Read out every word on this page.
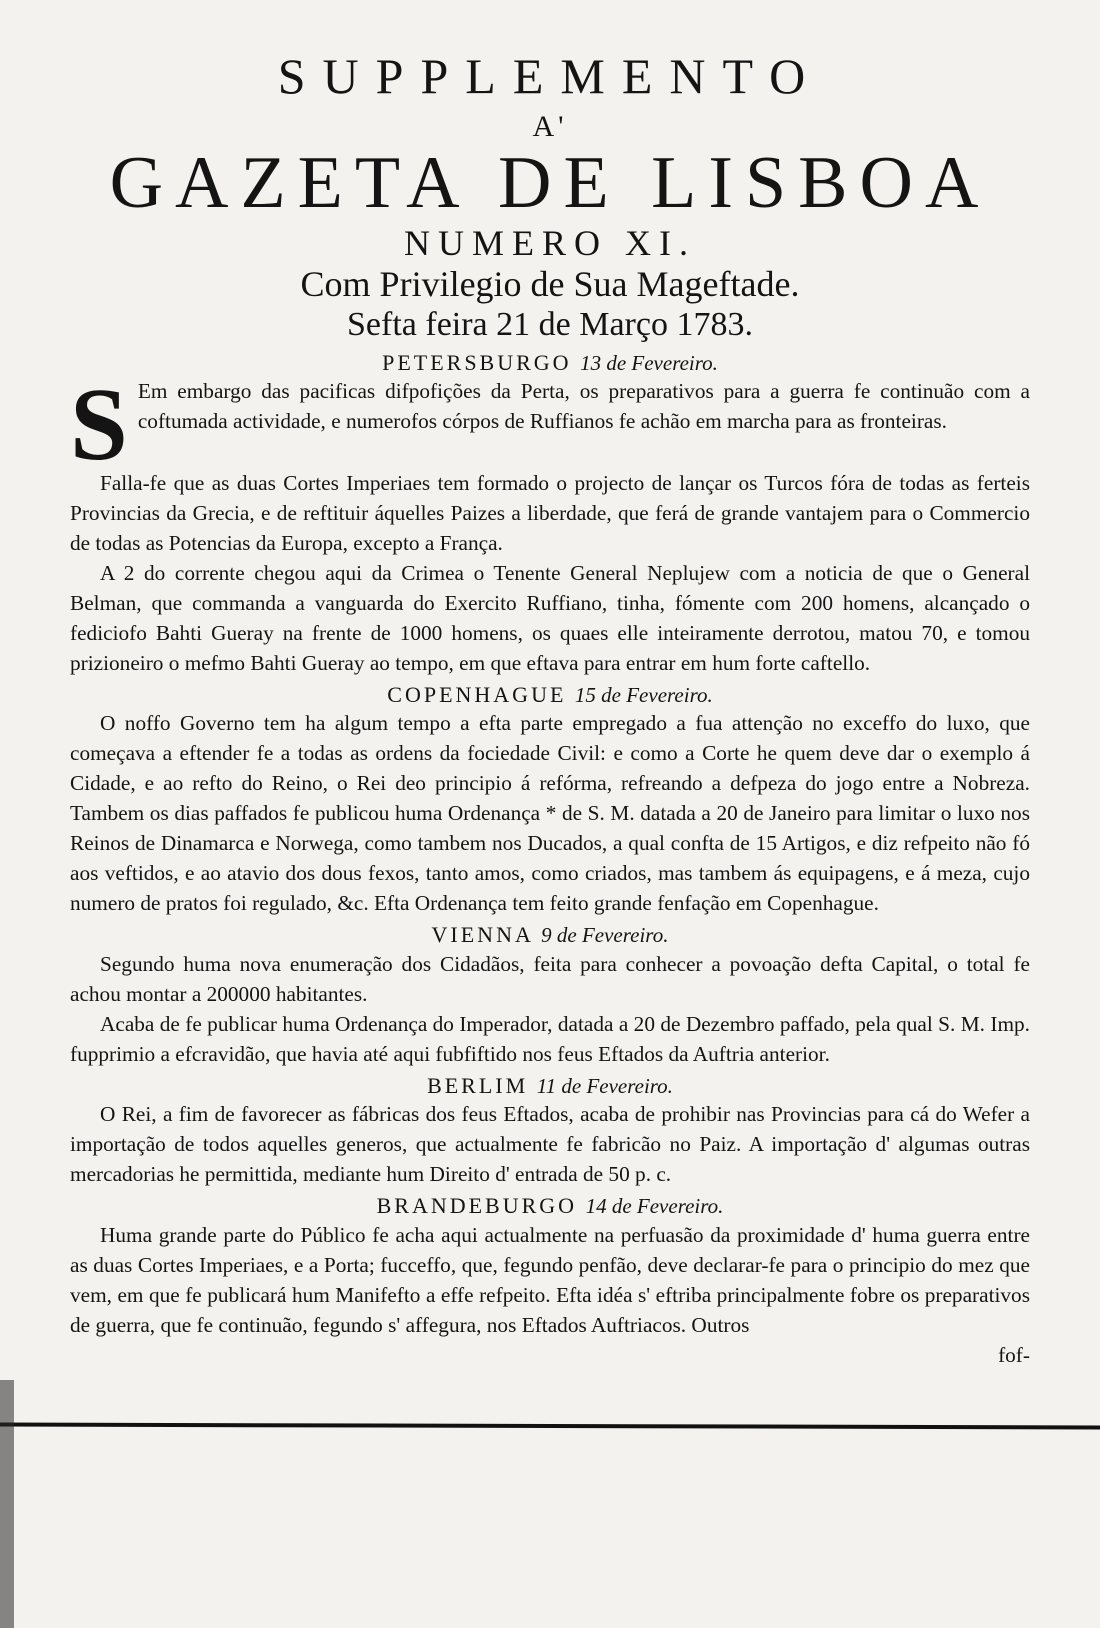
SUPPLEMENTO
A'
GAZETA DE LISBOA
NUMERO XI.
Com Privilegio de Sua Mageftade.
Sefta feira 21 de Março 1783.
PETERSBURGO 13 de Fevereiro.
S Em embargo das pacificas difpofições da Perta, os preparativos para a guerra fe continuão com a coftumada actividade, e numerofos córpos de Ruffianos fe achão em marcha para as fronteiras.

Falla-fe que as duas Cortes Imperiaes tem formado o projecto de lançar os Turcos fóra de todas as ferteis Provincias da Grecia, e de reftituir áquelles Paizes a liberdade, que ferá de grande vantajem para o Commercio de todas as Potencias da Europa, excepto a França.

A 2 do corrente chegou aqui da Crimea o Tenente General Neplujew com a noticia de que o General Belman, que commanda a vanguarda do Exercito Ruffiano, tinha, fómente com 200 homens, alcançado o fediciofo Bahti Gueray na frente de 1000 homens, os quaes elle inteiramente derrotou, matou 70, e tomou prizioneiro o mefmo Bahti Gueray ao tempo, em que eftava para entrar em hum forte caftello.

COPENHAGUE 15 de Fevereiro.

O noffo Governo tem ha algum tempo a efta parte empregado a fua attenção no exceffo do luxo, que começava a eftender fe a todas as ordens da fociedade Civil: e como a Corte he quem deve dar o exemplo á Cidade, e ao refto do Reino, o Rei deo principio á refórma, refreando a defpeza do jogo entre a Nobreza. Tambem os dias paffados fe publicou huma Ordenança * de S. M. datada a 20 de Janeiro para limitar o luxo nos Reinos de Dinamarca e Norwega, como tambem nos Ducados, a qual confta de 15 Artigos, e diz refpeito não fó aos veftidos, e ao atavio dos dous fexos, tanto amos, como criados, mas tambem ás equipagens, e á meza, cujo numero de pratos foi regulado, &c. Efta Ordenança tem feito grande fenfação em Copenhague.

VIENNA 9 de Fevereiro.

Segundo huma nova enumeração dos Cidadãos, feita para conhecer a povoação defta Capital, o total fe achou montar a 200000 habitantes.

Acaba de fe publicar huma Ordenança do Imperador, datada a 20 de Dezembro paffado, pela qual S. M. Imp. fupprimio a efcravidão, que havia até aqui fubfiftido nos feus Eftados da Auftria anterior.

BERLIM 11 de Fevereiro.

O Rei, a fim de favorecer as fábricas dos feus Eftados, acaba de prohibir nas Provincias para cá do Wefer a importação de todos aquelles generos, que actualmente fe fabricão no Paiz. A importação d' algumas outras mercadorias he permittida, mediante hum Direito d' entrada de 50 p. c.

BRANDEBURGO 14 de Fevereiro.

Huma grande parte do Público fe acha aqui actualmente na perfuasão da proximidade d' huma guerra entre as duas Cortes Imperiaes, e a Porta; fucceffo, que, fegundo penfão, deve declarar-fe para o principio do mez que vem, em que fe publicará hum Manifefto a effe refpeito. Efta idéa s' eftriba principalmente fobre os preparativos de guerra, que fe continuão, fegundo s' affegura, nos Eftados Auftriacos. Outros

fof-
